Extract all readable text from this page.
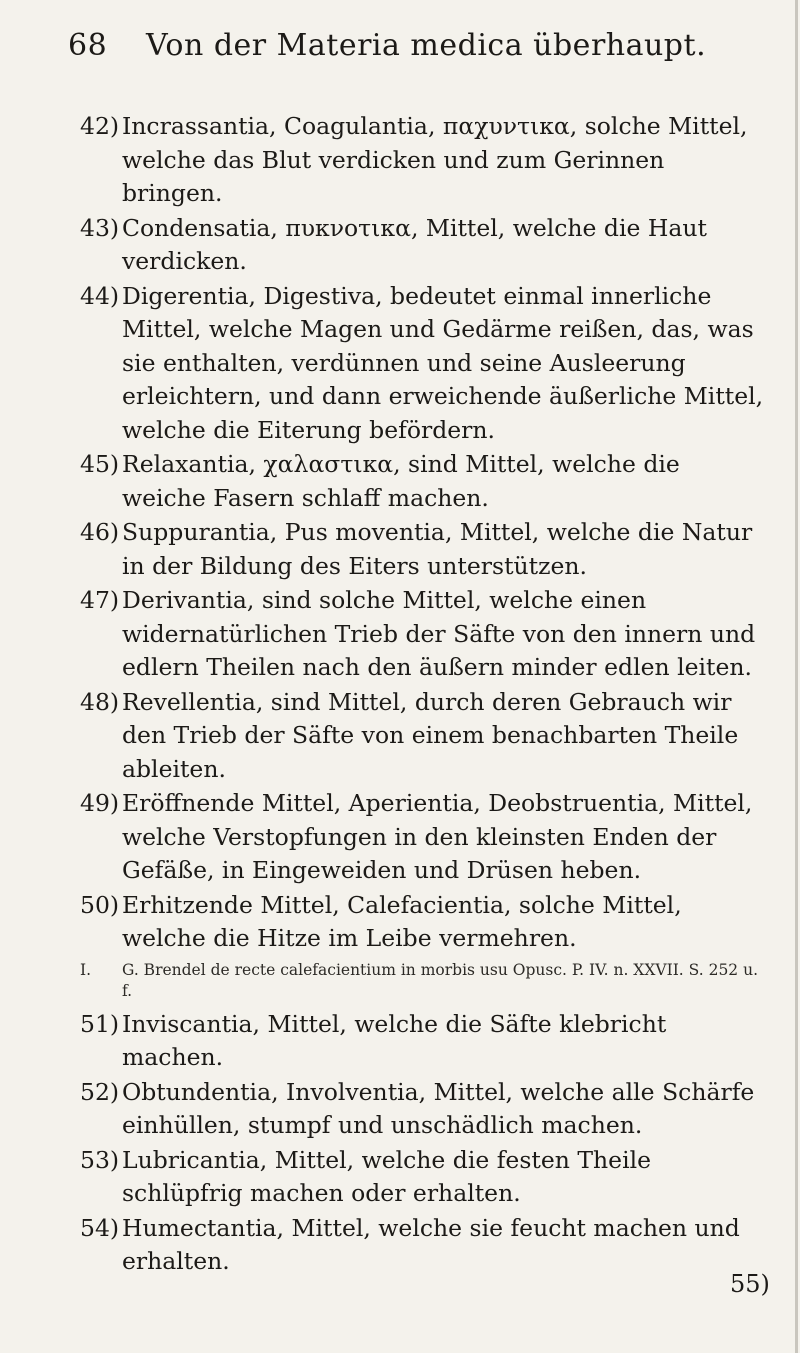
68 Von der Materia medica überhaupt.

42) Incrassantia, Coagulantia, παχυντικα, solche Mittel, welche das Blut verdicken und zum Gerinnen bringen.

43) Condensatia, πυκνοτικα, Mittel, welche die Haut verdicken.

44) Digerentia, Digestiva, bedeutet einmal innerliche Mittel, welche Magen und Gedärme reißen, das, was sie enthalten, verdünnen und seine Ausleerung erleichtern, und dann erweichende äußerliche Mittel, welche die Eiterung befördern.

45) Relaxantia, χαλαστικα, sind Mittel, welche die weiche Fasern schlaff machen.

46) Suppurantia, Pus moventia, Mittel, welche die Natur in der Bildung des Eiters unterstützen.

47) Derivantia, sind solche Mittel, welche einen widernatürlichen Trieb der Säfte von den innern und edlern Theilen nach den äußern minder edlen leiten.

48) Revellentia, sind Mittel, durch deren Gebrauch wir den Trieb der Säfte von einem benachbarten Theile ableiten.

49) Eröffnende Mittel, Aperientia, Deobstruentia, Mittel, welche Verstopfungen in den kleinsten Enden der Gefäße, in Eingeweiden und Drüsen heben.

50) Erhitzende Mittel, Calefacientia, solche Mittel, welche die Hitze im Leibe vermehren.

I. G. Brendel de recte calefacientium in morbis usu Opusc. P. IV. n. XXVII. S. 252 u. f.

51) Inviscantia, Mittel, welche die Säfte klebricht machen.

52) Obtundentia, Involventia, Mittel, welche alle Schärfe einhüllen, stumpf und unschädlich machen.

53) Lubricantia, Mittel, welche die festen Theile schlüpfrig machen oder erhalten.

54) Humectantia, Mittel, welche sie feucht machen und erhalten.

55)
